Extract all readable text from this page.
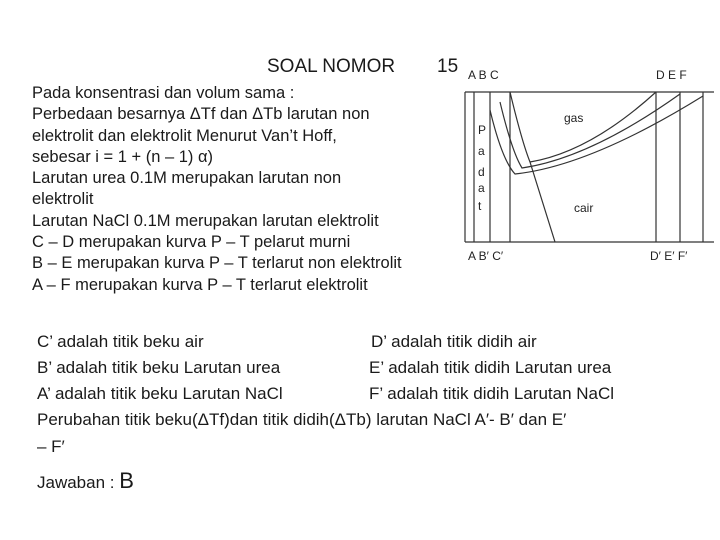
SOAL NOMOR 15
Pada konsentrasi dan volum sama :
Perbedaan besarnya ΔTf dan ΔTb larutan non
elektrolit dan elektrolit Menurut Van’t Hoff,
sebesar i = 1 + (n – 1) α)
Larutan urea 0.1M merupakan larutan non
elektrolit
Larutan NaCl 0.1M merupakan larutan elektrolit
C – D merupakan kurva P – T pelarut murni
B – E merupakan kurva P – T terlarut non elektrolit
A – F merupakan kurva P – T terlarut elektrolit
A B C	D E F
A B′ C′	D′ E′ F′
gas
cair
P
a
d
a
t
C’ adalah titik beku air	D’ adalah titik didih air
B’ adalah titik beku Larutan urea	E’ adalah titik didih Larutan urea
A’ adalah titik beku Larutan NaCl	F’ adalah titik didih Larutan NaCl
Perubahan titik beku(ΔTf)dan titik didih(ΔTb) larutan NaCl A′- B′ dan E′
– F′
Jawaban : B
